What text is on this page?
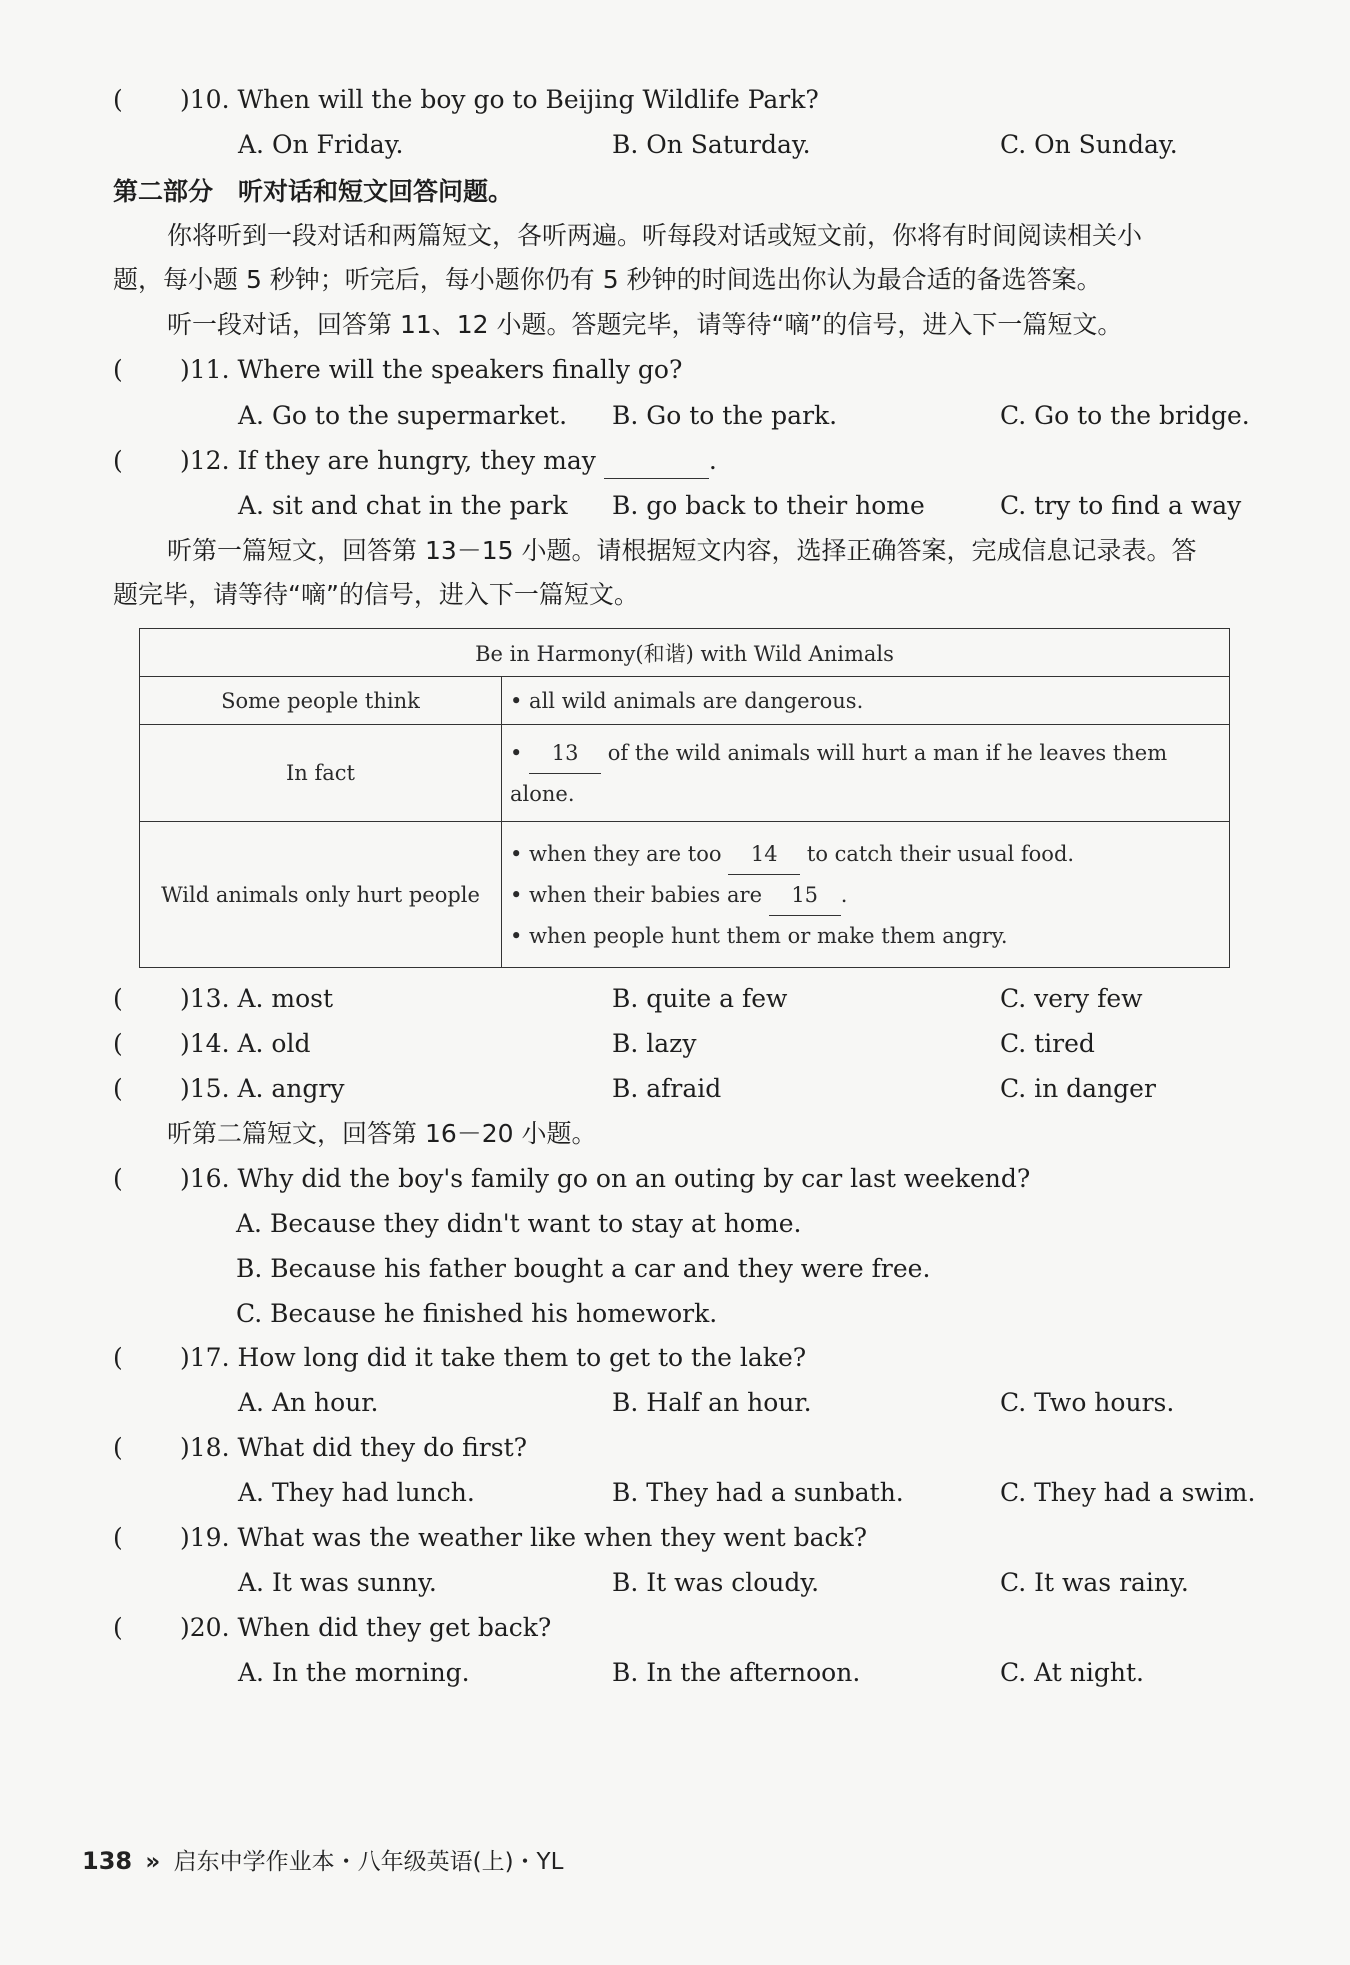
( )10. When will the boy go to Beijing Wildlife Park?
A. On Friday.	B. On Saturday.	C. On Sunday.
第二部分　听对话和短文回答问题。
你将听到一段对话和两篇短文，各听两遍。听每段对话或短文前，你将有时间阅读相关小
题，每小题 5 秒钟；听完后，每小题你仍有 5 秒钟的时间选出你认为最合适的备选答案。
听一段对话，回答第 11、12 小题。答题完毕，请等待“嘀”的信号，进入下一篇短文。
( )11. Where will the speakers finally go?
A. Go to the supermarket. B. Go to the park.	C. Go to the bridge.
( )12. If they are hungry, they may	.
A. sit and chat in the park B. go back to their home	C. try to find a way
听第一篇短文，回答第 13－15 小题。请根据短文内容，选择正确答案，完成信息记录表。答
题完毕，请等待“嘀”的信号，进入下一篇短文。
Be in Harmony(和谐) with Wild Animals	
Some people think	• all wild animals are dangerous.
In fact	• 13 of the wild animals will hurt a man if he leaves them
alone.
Wild animals only hurt people	• when they are too 14 to catch their usual food.
• when their babies are 15 .
• when people hunt them or make them angry.
( )13. A. most	B. quite a few	C. very few
( )14. A. old	B. lazy	C. tired
( )15. A. angry	B. afraid	C. in danger
听第二篇短文，回答第 16－20 小题。
( )16. Why did the boy's family go on an outing by car last weekend?
A. Because they didn't want to stay at home.
B. Because his father bought a car and they were free.
C. Because he finished his homework.
( )17. How long did it take them to get to the lake?
A. An hour.	B. Half an hour.	C. Two hours.
( )18. What did they do first?
A. They had lunch.	B. They had a sunbath.	C. They had a swim.
( )19. What was the weather like when they went back?
A. It was sunny.	B. It was cloudy.	C. It was rainy.
( )20. When did they get back?
A. In the morning.	B. In the afternoon.	C. At night.
138 » 启东中学作业本・八年级英语(上)・YL
